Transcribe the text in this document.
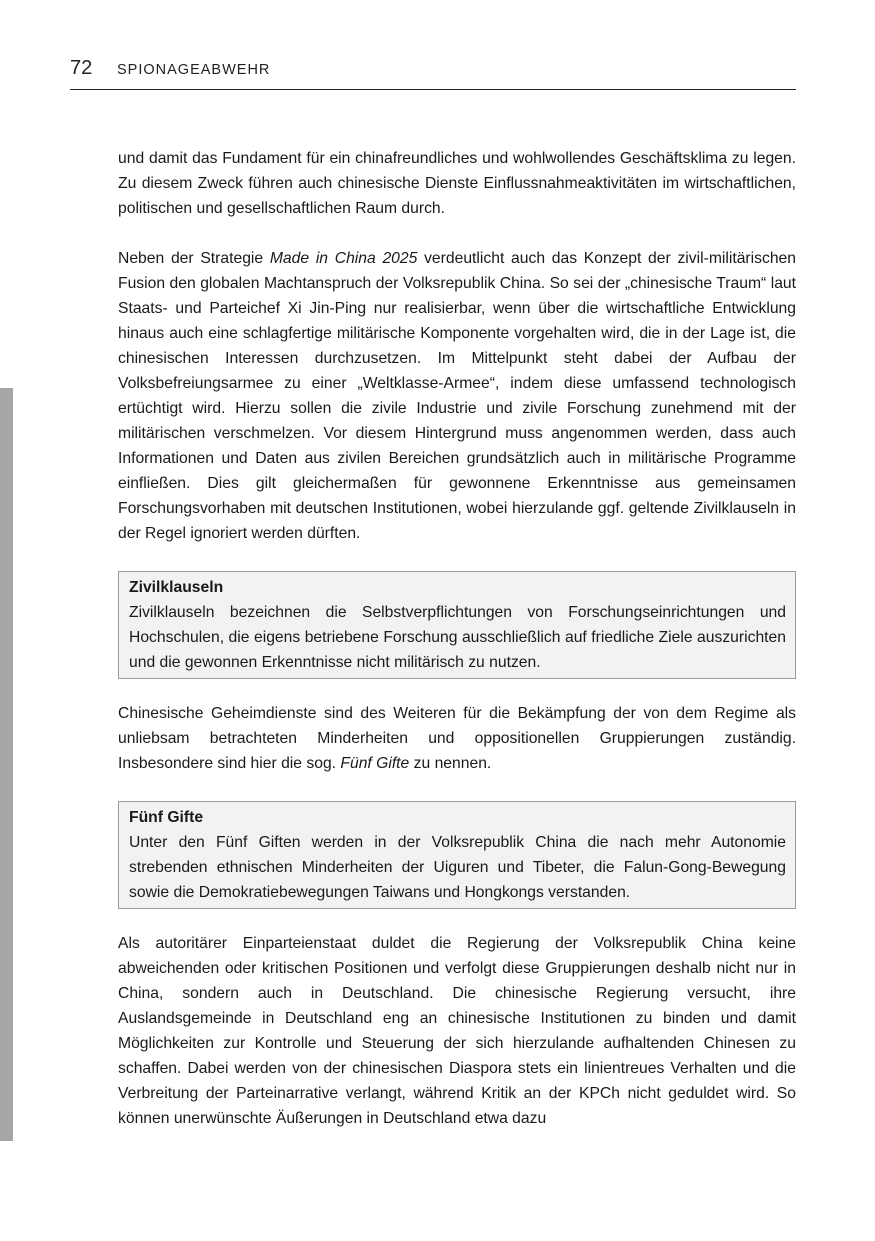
72 SPIONAGEABWEHR

und damit das Fundament für ein chinafreundliches und wohlwollendes Geschäftsklima zu legen. Zu diesem Zweck führen auch chinesische Dienste Einflussnahmeaktivitäten im wirtschaftlichen, politischen und gesellschaftlichen Raum durch.

Neben der Strategie Made in China 2025 verdeutlicht auch das Konzept der zivil-militärischen Fusion den globalen Machtanspruch der Volksrepublik China. So sei der „chinesische Traum“ laut Staats- und Parteichef Xi Jin-Ping nur realisierbar, wenn über die wirtschaftliche Entwicklung hinaus auch eine schlagfertige militärische Komponente vorgehalten wird, die in der Lage ist, die chinesischen Interessen durchzusetzen. Im Mittelpunkt steht dabei der Aufbau der Volksbefreiungsarmee zu einer „Weltklasse-Armee“, indem diese umfassend technologisch ertüchtigt wird. Hierzu sollen die zivile Industrie und zivile Forschung zunehmend mit der militärischen verschmelzen. Vor diesem Hintergrund muss angenommen werden, dass auch Informationen und Daten aus zivilen Bereichen grundsätzlich auch in militärische Programme einfließen. Dies gilt gleichermaßen für gewonnene Erkenntnisse aus gemeinsamen Forschungsvorhaben mit deutschen Institutionen, wobei hierzulande ggf. geltende Zivilklauseln in der Regel ignoriert werden dürften.

Zivilklauseln

Zivilklauseln bezeichnen die Selbstverpflichtungen von Forschungseinrichtungen und Hochschulen, die eigens betriebene Forschung ausschließlich auf friedliche Ziele auszurichten und die gewonnen Erkenntnisse nicht militärisch zu nutzen.

Chinesische Geheimdienste sind des Weiteren für die Bekämpfung der von dem Regime als unliebsam betrachteten Minderheiten und oppositionellen Gruppierungen zuständig. Insbesondere sind hier die sog. Fünf Gifte zu nennen.

Fünf Gifte

Unter den Fünf Giften werden in der Volksrepublik China die nach mehr Autonomie strebenden ethnischen Minderheiten der Uiguren und Tibeter, die Falun-Gong-Bewegung sowie die Demokratiebewegungen Taiwans und Hongkongs verstanden.

Als autoritärer Einparteienstaat duldet die Regierung der Volksrepublik China keine abweichenden oder kritischen Positionen und verfolgt diese Gruppierungen deshalb nicht nur in China, sondern auch in Deutschland. Die chinesische Regierung versucht, ihre Auslandsgemeinde in Deutschland eng an chinesische Institutionen zu binden und damit Möglichkeiten zur Kontrolle und Steuerung der sich hierzulande aufhaltenden Chinesen zu schaffen. Dabei werden von der chinesischen Diaspora stets ein linientreues Verhalten und die Verbreitung der Parteinarrative verlangt, während Kritik an der KPCh nicht geduldet wird. So können unerwünschte Äußerungen in Deutschland etwa dazu
